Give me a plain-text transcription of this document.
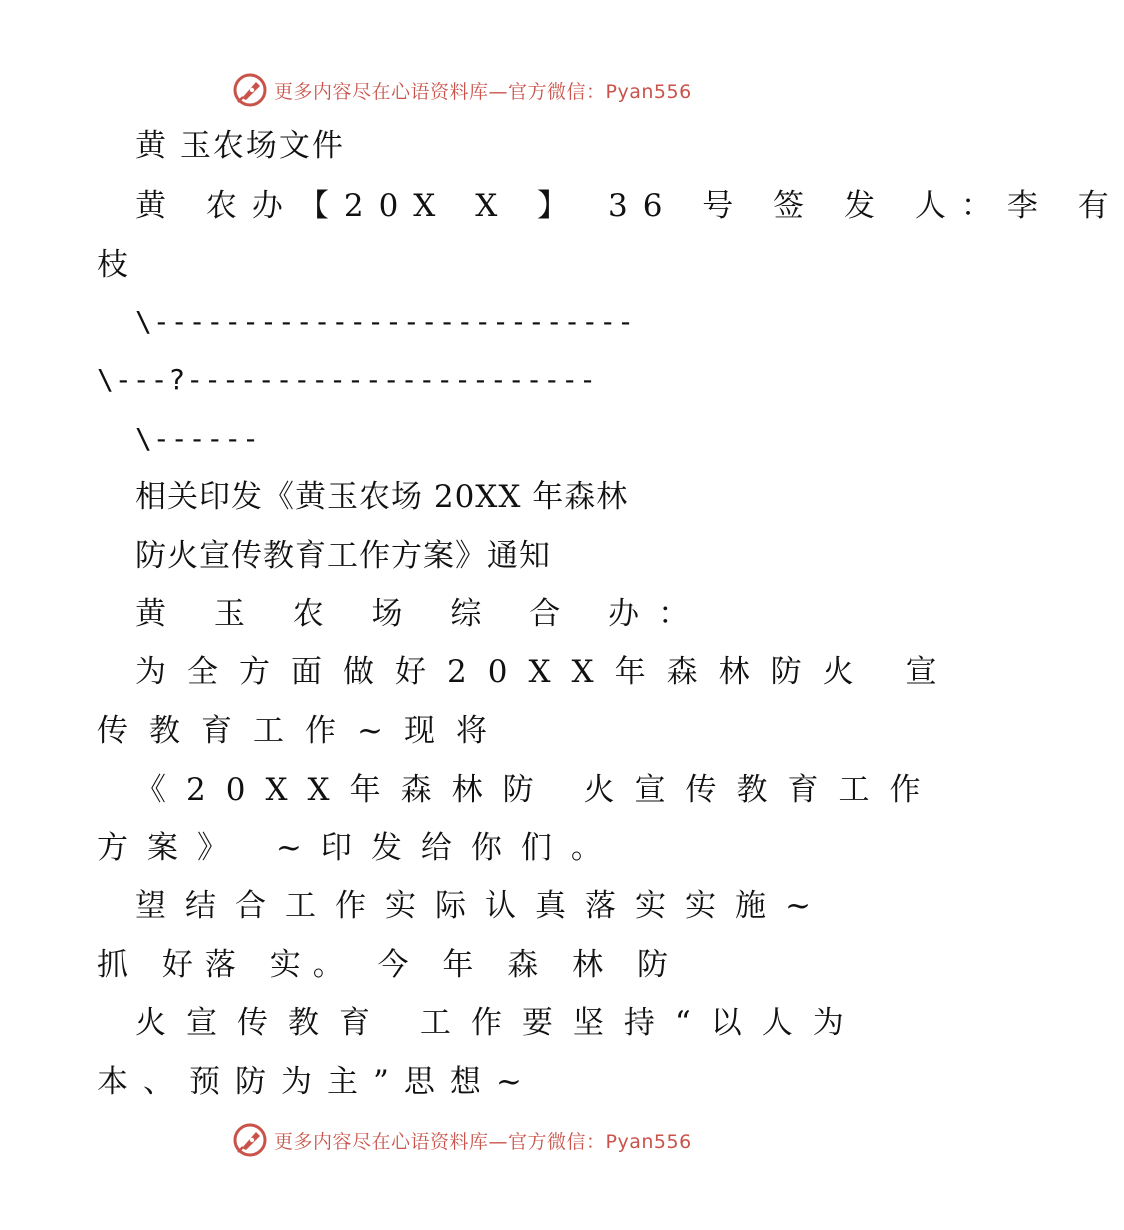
更多内容尽在心语资料库—官方微信：Pyan556
黄 玉农场文件
黄 农办【20X X 】 36 号 签 发 人：李 有
枝
\---------------------------
\---?-----------------------
\------
相关印发《黄玉农场 20XX 年森林
防火宣传教育工作方案》通知
黄 玉 农 场 综 合 办：
为全方面做好20XX年森林防火 宣
传教育工作~现将
《20XX年森林防 火宣传教育工作
方案》 ~印发给你们。
望结合工作实际认真落实实施~
抓 好落 实。 今 年 森 林 防
火宣传教育 工作要坚持“以人为
本、预防为主”思想~
更多内容尽在心语资料库—官方微信：Pyan556
